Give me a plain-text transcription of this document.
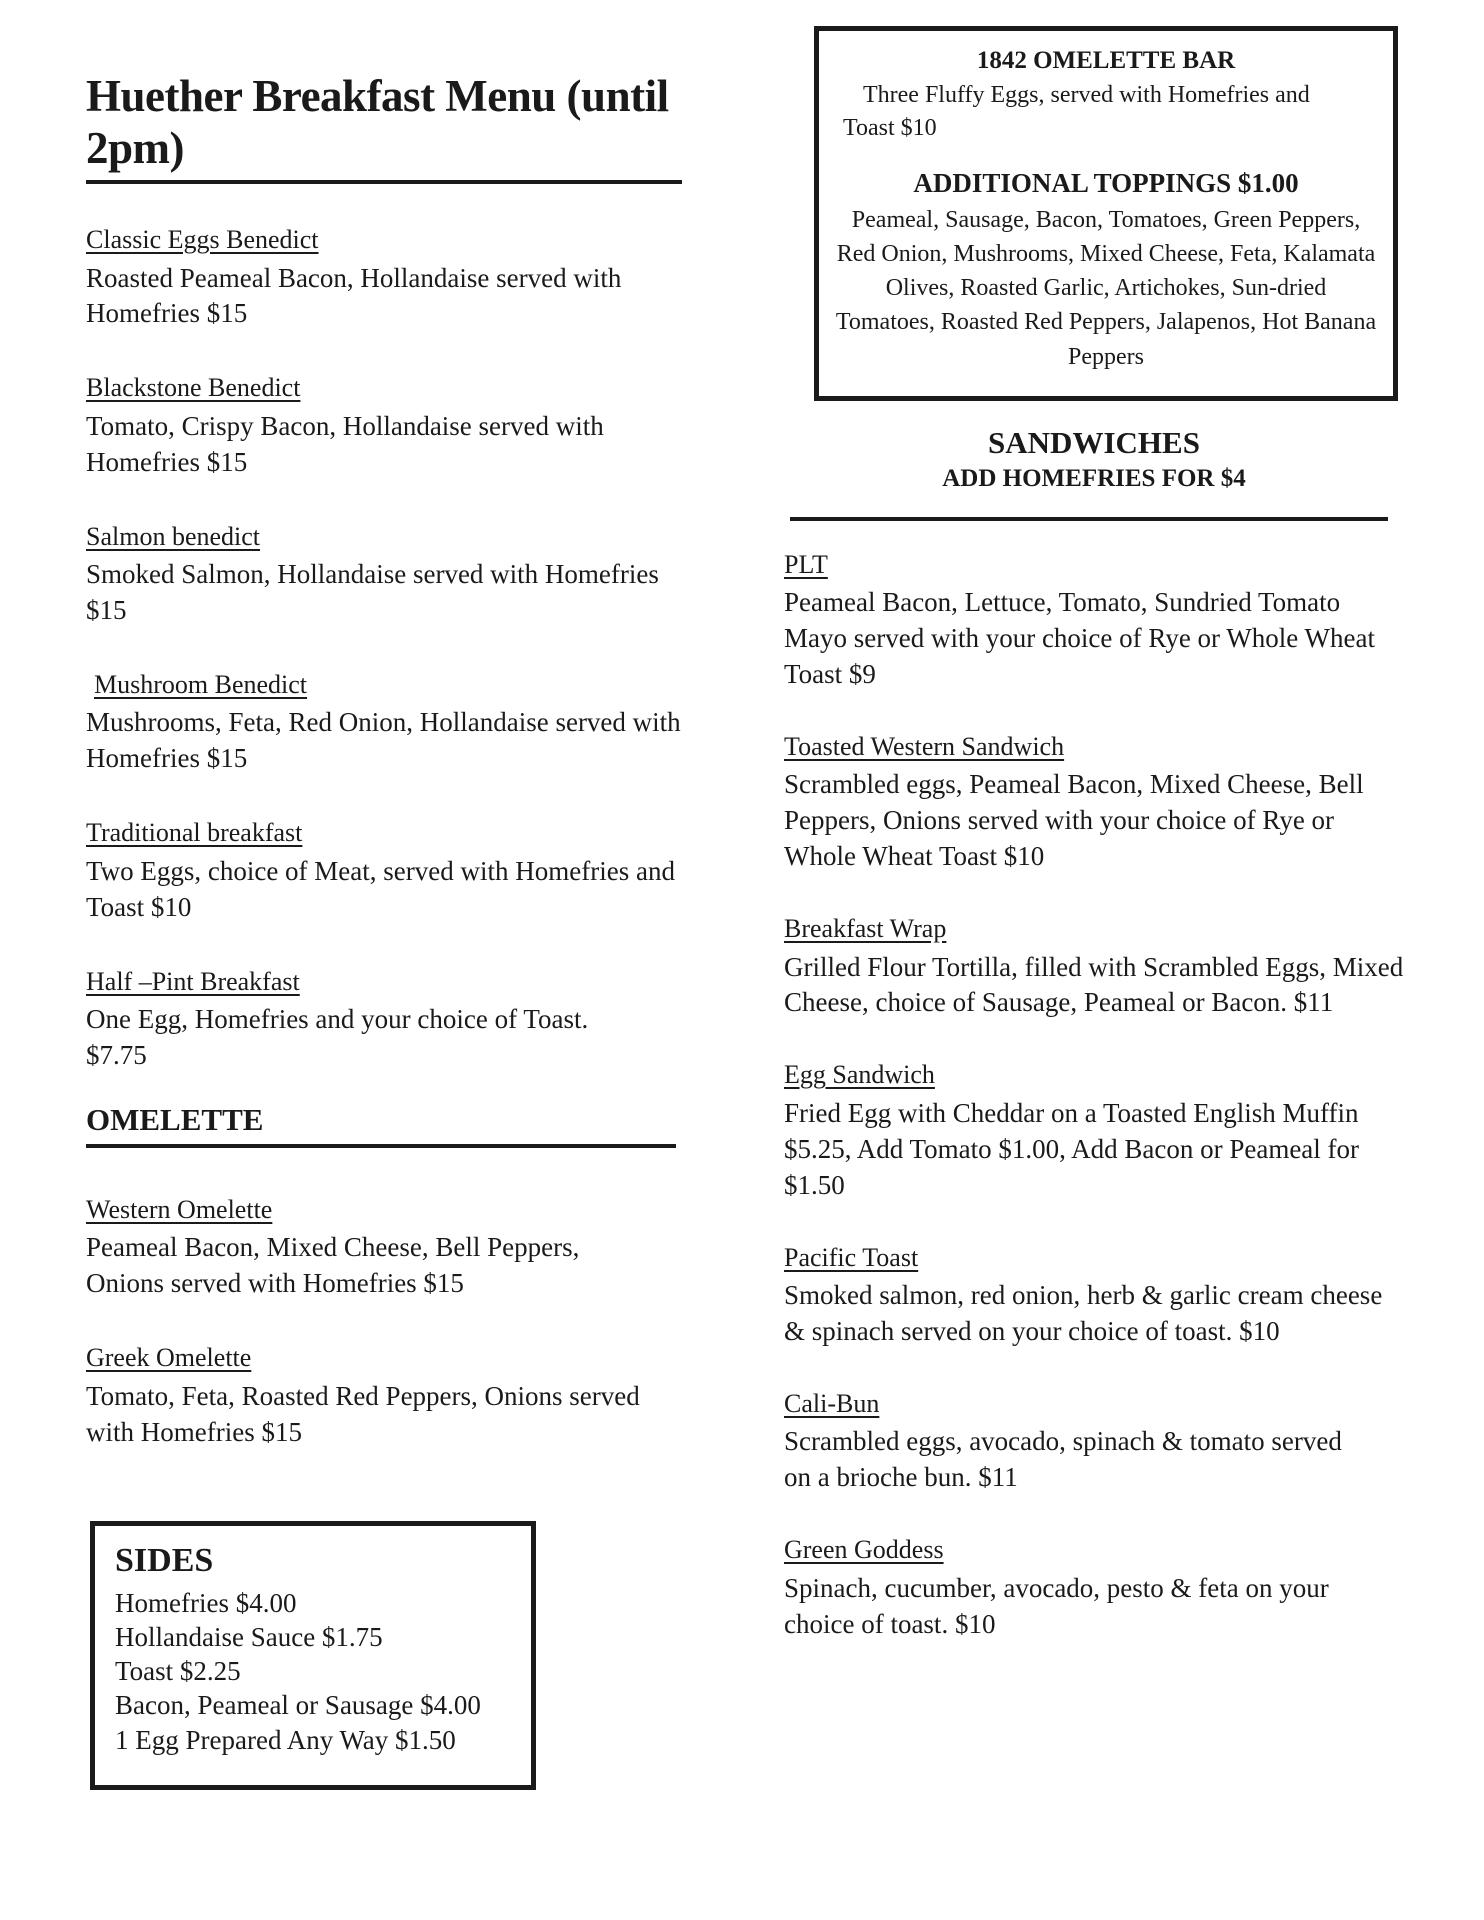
Huether Breakfast Menu (until 2pm)

Classic Eggs Benedict

Roasted Peameal Bacon, Hollandaise served with Homefries $15

Blackstone Benedict

Tomato, Crispy Bacon, Hollandaise served with Homefries $15

Salmon benedict

Smoked Salmon, Hollandaise served with Homefries $15

Mushroom Benedict

Mushrooms, Feta, Red Onion, Hollandaise served with Homefries $15

Traditional breakfast

Two Eggs, choice of Meat, served with Homefries and Toast $10

Half –Pint Breakfast

One Egg, Homefries and your choice of Toast. $7.75

OMELETTE

Western Omelette

Peameal Bacon, Mixed Cheese, Bell Peppers, Onions served with Homefries $15

Greek Omelette

Tomato, Feta, Roasted Red Peppers, Onions served with Homefries $15

SIDES

Homefries $4.00

Hollandaise Sauce $1.75

Toast $2.25

Bacon, Peameal or Sausage $4.00

1 Egg Prepared Any Way $1.50

1842 OMELETTE BAR

Three Fluffy Eggs, served with Homefries and
Toast $10

ADDITIONAL TOPPINGS $1.00

Peameal, Sausage, Bacon, Tomatoes, Green Peppers, Red Onion, Mushrooms, Mixed Cheese, Feta, Kalamata Olives, Roasted Garlic, Artichokes, Sun-dried Tomatoes, Roasted Red Peppers, Jalapenos, Hot Banana Peppers

SANDWICHES

ADD HOMEFRIES FOR $4

PLT

Peameal Bacon, Lettuce, Tomato, Sundried Tomato Mayo served with your choice of Rye or Whole Wheat Toast $9

Toasted Western Sandwich

Scrambled eggs, Peameal Bacon, Mixed Cheese, Bell Peppers, Onions served with your choice of Rye or Whole Wheat Toast $10

Breakfast Wrap

Grilled Flour Tortilla, filled with Scrambled Eggs, Mixed Cheese, choice of Sausage, Peameal or Bacon. $11

Egg Sandwich

Fried Egg with Cheddar on a Toasted English Muffin $5.25, Add Tomato $1.00, Add Bacon or Peameal for $1.50

Pacific Toast

Smoked salmon, red onion, herb & garlic cream cheese & spinach served on your choice of toast. $10

Cali-Bun

Scrambled eggs, avocado, spinach & tomato served on a brioche bun. $11

Green Goddess

Spinach, cucumber, avocado, pesto & feta on your choice of toast. $10
